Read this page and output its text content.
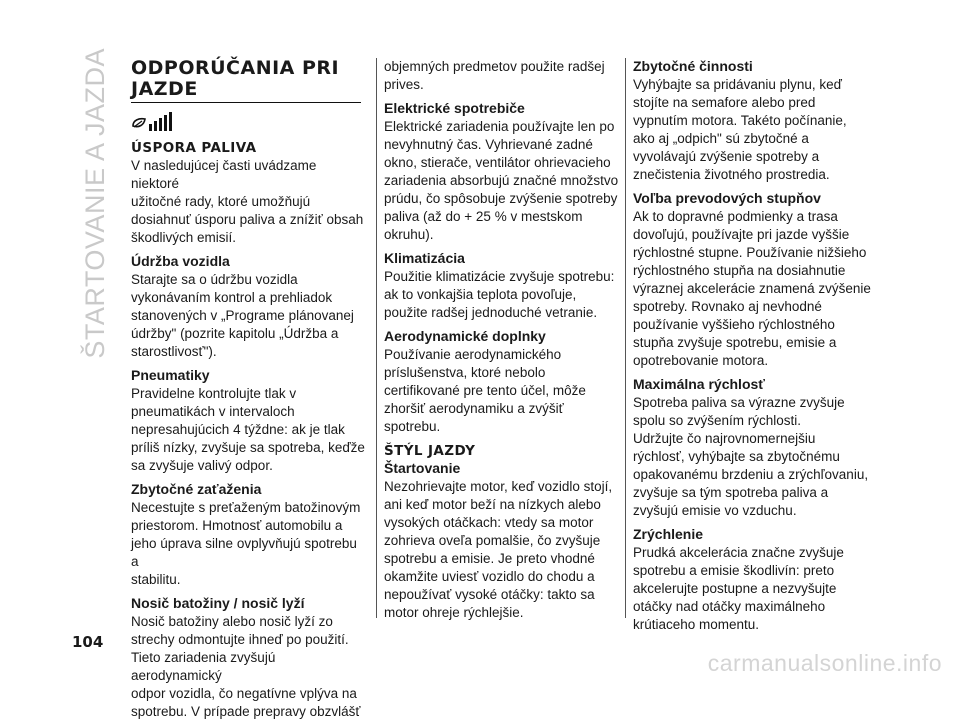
ŠTARTOVANIE A JAZDA ODPORÚČANIA PRI
JAZDE
ÚSPORA PALIVA

V nasledujúcej časti uvádzame niektoré
užitočné rady, ktoré umožňujú
dosiahnuť úsporu paliva a znížiť obsah
škodlivých emisií.

Údržba vozidla

Starajte sa o údržbu vozidla
vykonávaním kontrol a prehliadok
stanovených v „Programe plánovanej
údržby" (pozrite kapitolu „Údržba a
starostlivosť").

Pneumatiky

Pravidelne kontrolujte tlak v
pneumatikách v intervaloch
nepresahujúcich 4 týždne: ak je tlak
príliš nízky, zvyšuje sa spotreba, keďže
sa zvyšuje valivý odpor.

Zbytočné zaťaženia

Necestujte s preťaženým batožinovým
priestorom. Hmotnosť automobilu a
jeho úprava silne ovplyvňujú spotrebu a
stabilitu.

Nosič batožiny / nosič lyží

Nosič batožiny alebo nosič lyží zo
strechy odmontujte ihneď po použití.
Tieto zariadenia zvyšujú aerodynamický
odpor vozidla, čo negatívne vplýva na
spotrebu. V prípade prepravy obzvlášť

objemných predmetov použite radšej
prives.

Elektrické spotrebiče

Elektrické zariadenia používajte len po
nevyhnutný čas. Vyhrievané zadné
okno, stierače, ventilátor ohrievacieho
zariadenia absorbujú značné množstvo
prúdu, čo spôsobuje zvýšenie spotreby
paliva (až do + 25 % v mestskom
okruhu).

Klimatizácia

Použitie klimatizácie zvyšuje spotrebu:
ak to vonkajšia teplota povoľuje,
použite radšej jednoduché vetranie.

Aerodynamické doplnky

Používanie aerodynamického
príslušenstva, ktoré nebolo
certifikované pre tento účel, môže
zhoršiť aerodynamiku a zvýšiť
spotrebu.

ŠTÝL JAZDY
Štartovanie

Nezohrievajte motor, keď vozidlo stojí,
ani keď motor beží na nízkych alebo
vysokých otáčkach: vtedy sa motor
zohrieva oveľa pomalšie, čo zvyšuje
spotrebu a emisie. Je preto vhodné
okamžite uviesť vozidlo do chodu a
nepoužívať vysoké otáčky: takto sa
motor ohreje rýchlejšie.

Zbytočné činnosti

Vyhýbajte sa pridávaniu plynu, keď
stojíte na semafore alebo pred
vypnutím motora. Takéto počínanie,
ako aj „odpich" sú zbytočné a
vyvolávajú zvýšenie spotreby a
znečistenia životného prostredia.

Voľba prevodových stupňov

Ak to dopravné podmienky a trasa
dovoľujú, používajte pri jazde vyššie
rýchlostné stupne. Používanie nižšieho
rýchlostného stupňa na dosiahnutie
výraznej akcelerácie znamená zvýšenie
spotreby. Rovnako aj nevhodné
používanie vyššieho rýchlostného
stupňa zvyšuje spotrebu, emisie a
opotrebovanie motora.

Maximálna rýchlosť

Spotreba paliva sa výrazne zvyšuje
spolu so zvýšením rýchlosti.
Udržujte čo najrovnomernejšiu
rýchlosť, vyhýbajte sa zbytočnému
opakovanému brzdeniu a zrýchľovaniu,
zvyšuje sa tým spotreba paliva a
zvyšujú emisie vo vzduchu.

Zrýchlenie

Prudká akcelerácia značne zvyšuje
spotrebu a emisie škodlivín: preto
akcelerujte postupne a nezvyšujte
otáčky nad otáčky maximálneho
krútiaceho momentu.

104
carmanualsonline.info
